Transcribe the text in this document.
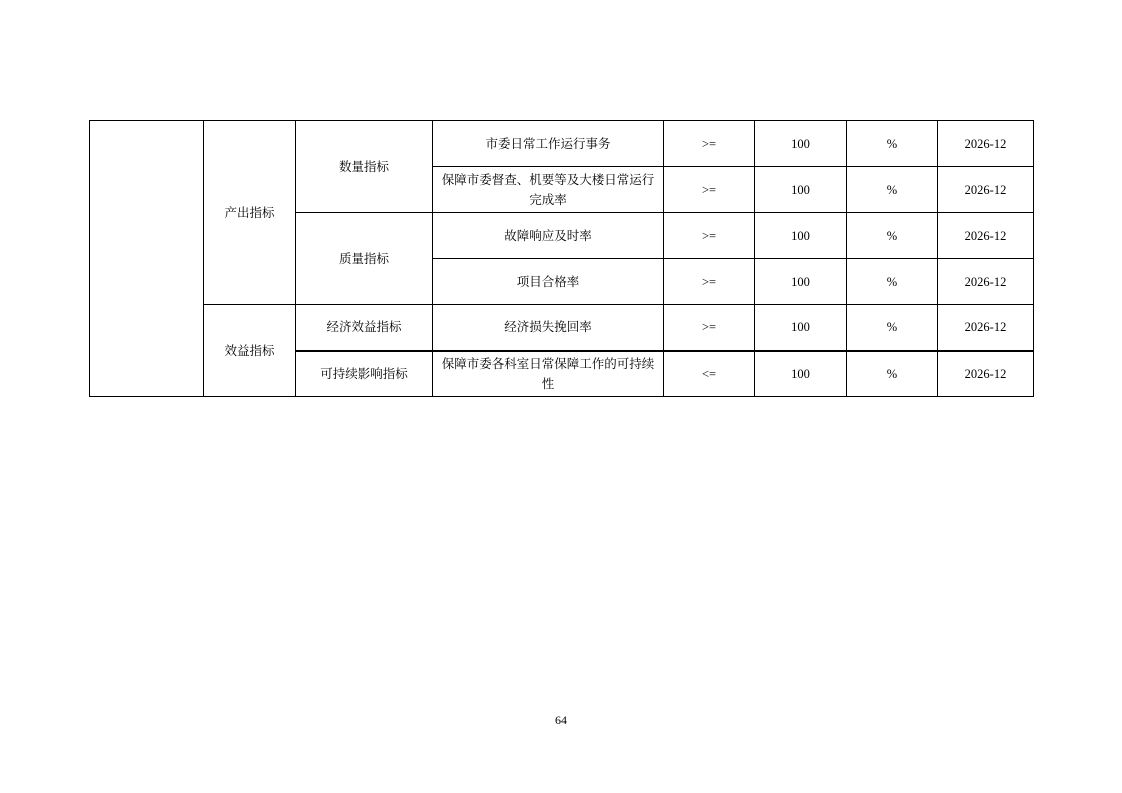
	产出指标	数量指标	市委日常工作运行事务	>=	100	%	2026-12
			保障市委督查、机要等及大楼日常运行完成率	>=	100	%	2026-12
		质量指标	故障响应及时率	>=	100	%	2026-12
			项目合格率	>=	100	%	2026-12
	效益指标	经济效益指标	经济损失挽回率	>=	100	%	2026-12
		可持续影响指标	保障市委各科室日常保障工作的可持续性	<=	100	%	2026-12
64
